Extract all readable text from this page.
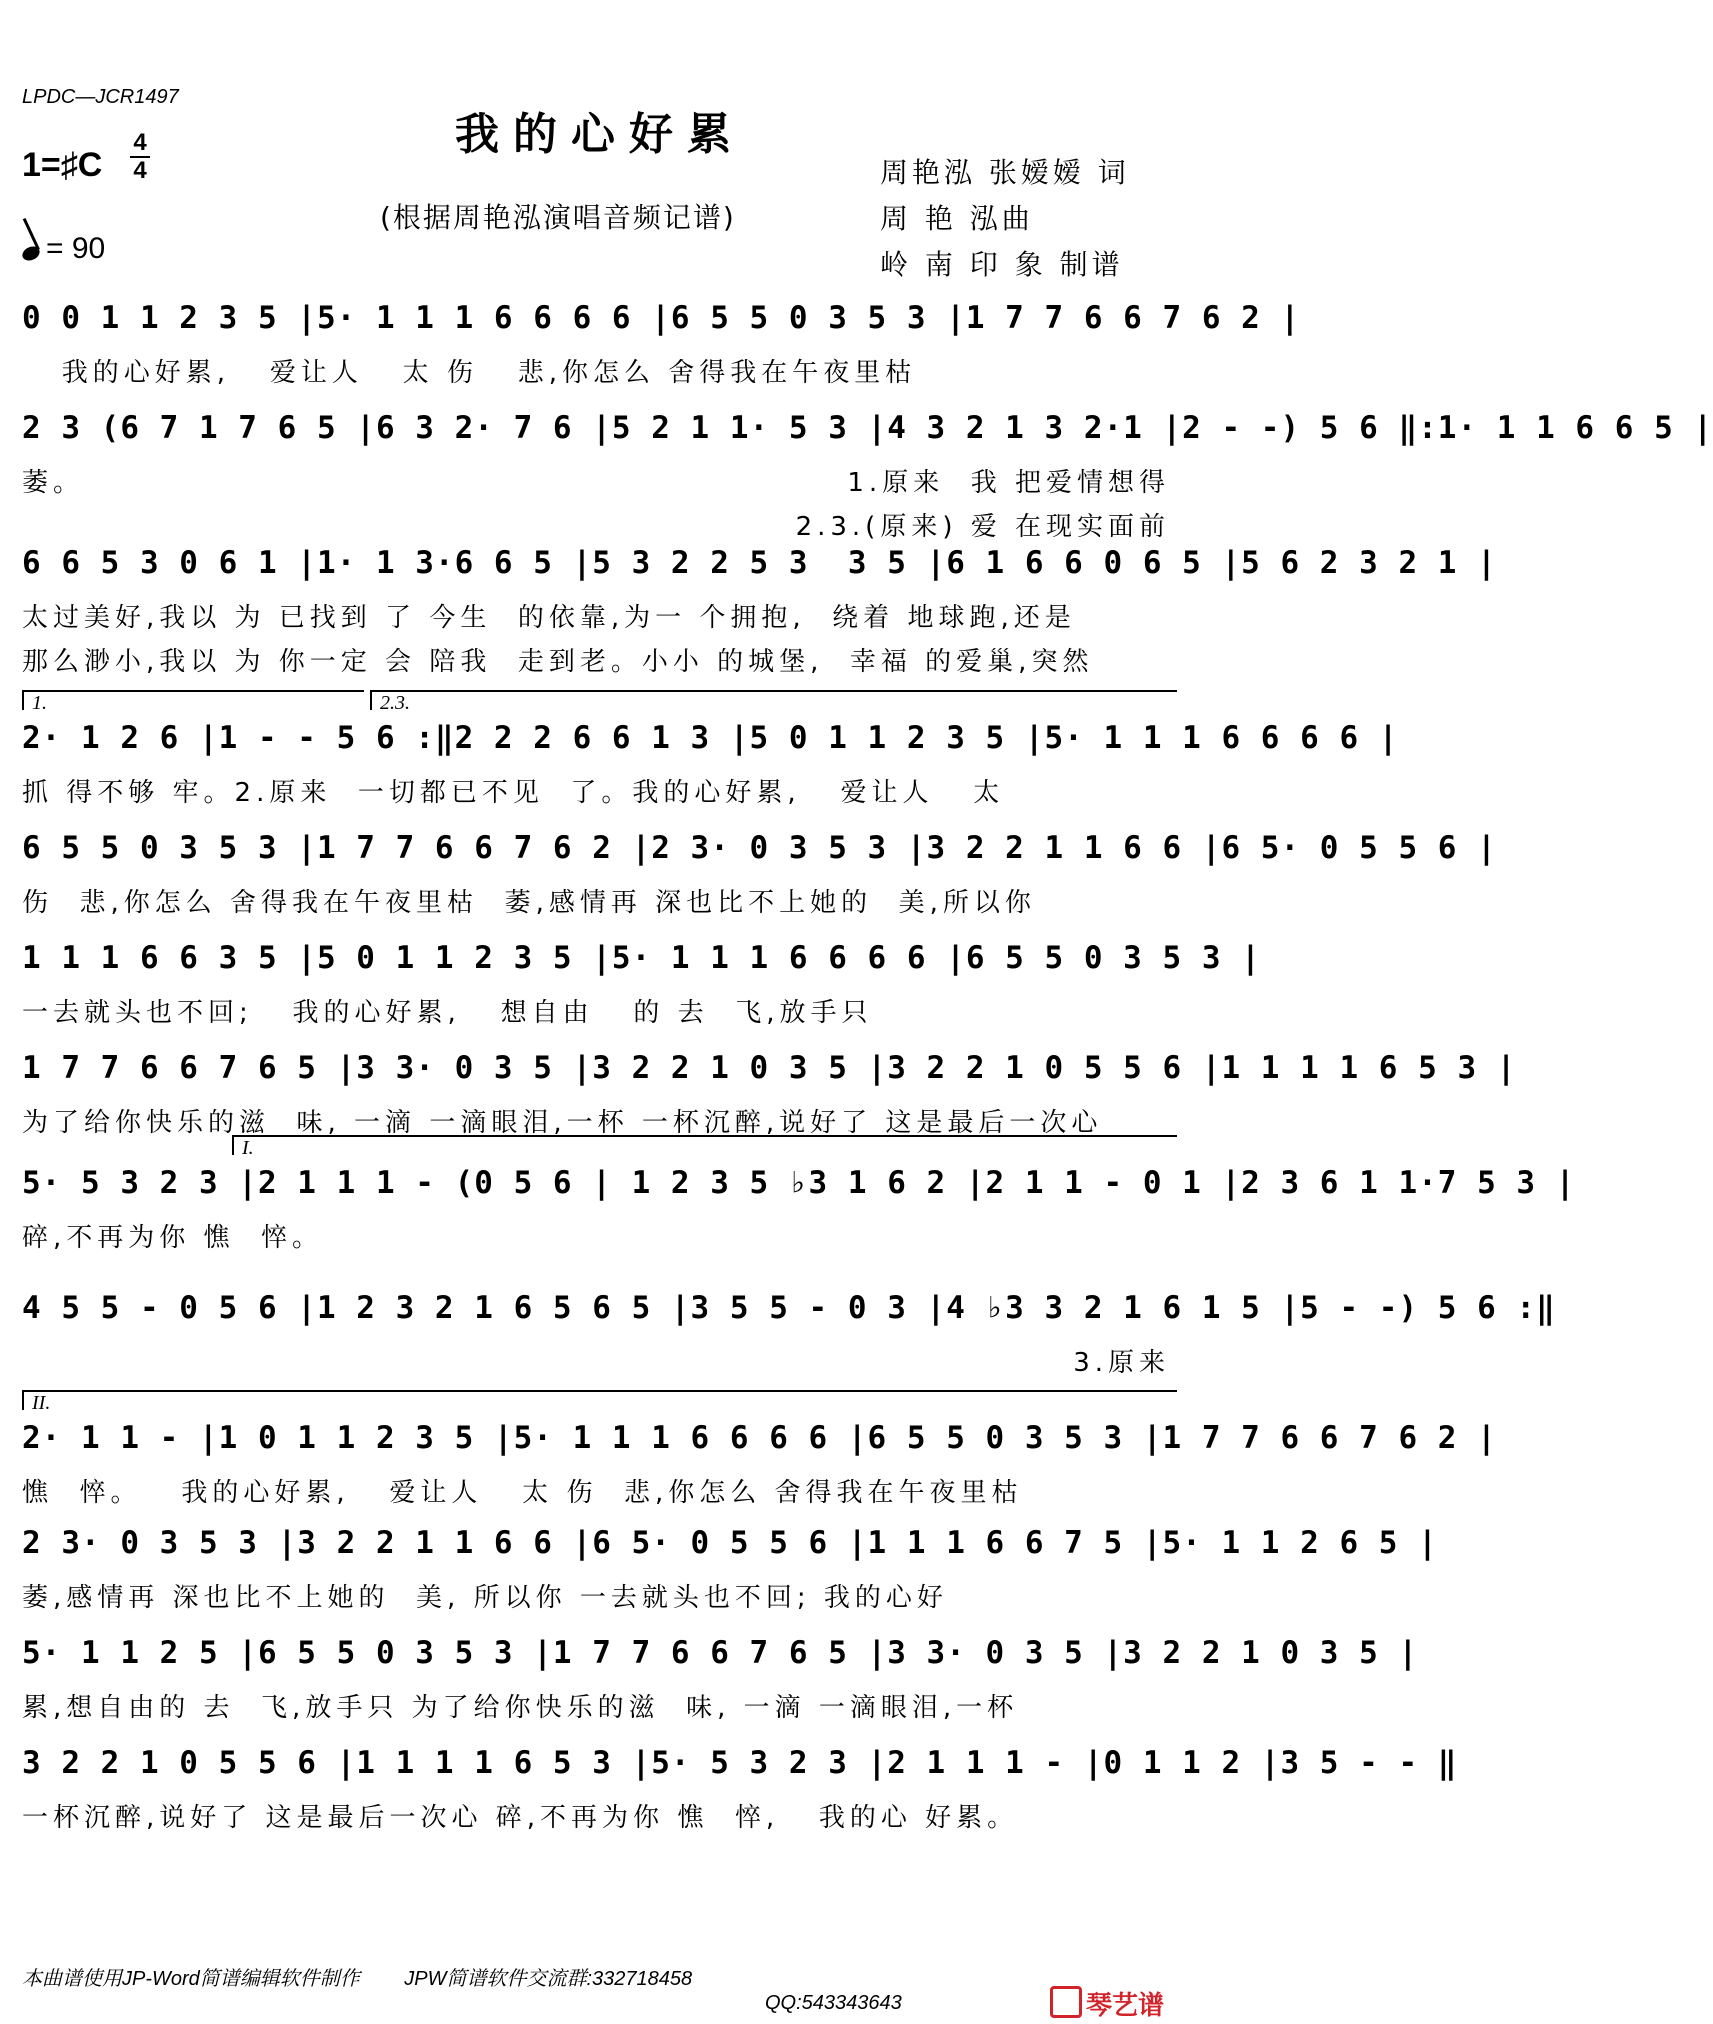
LPDC—JCR1497
我的心好累
(根据周艳泓演唱音频记谱)
1=♯C
4
4
= 90
周艳泓 张嫒嫒 词
周 艳 泓曲
岭 南 印 象 制谱
0 0 1 1 2 3 5 |5· 1 1 1 6 6 6 6 |6 5 5 0 3 5 3 |1 7 7 6 6 7 6 2 |
我的心好累,   爱让人   太 伤   悲,你怎么 舍得我在午夜里枯
2 3 (6 7 1 7 6 5 |6 3 2· 7 6 |5 2 1 1· 5 3 |4 3 2 1 3 2·1 |2 - -) 5 6 ‖:1· 1 1 6 6 5 |
萎。	1.原来  我 把爱情想得
2.3.(原来) 爱 在现实面前
6 6 5 3 0 6 1 |1· 1 3·6 6 5 |5 3 2 2 5 3  3 5 |6 1 6 6 0 6 5 |5 6 2 3 2 1 |
太过美好,我以 为 已找到 了 今生  的依靠,为一 个拥抱,  绕着 地球跑,还是
那么渺小,我以 为 你一定 会 陪我  走到老。小小 的城堡,  幸福 的爱巢,突然
1.	2.3.
2· 1 2 6 |1 - - 5 6 :‖2 2 2 6 6 1 3 |5 0 1 1 2 3 5 |5· 1 1 1 6 6 6 6 |
抓 得不够 牢。2.原来  一切都已不见  了。我的心好累,   爱让人   太
6 5 5 0 3 5 3 |1 7 7 6 6 7 6 2 |2 3· 0 3 5 3 |3 2 2 1 1 6 6 |6 5· 0 5 5 6 |
伤  悲,你怎么 舍得我在午夜里枯  萎,感情再 深也比不上她的  美,所以你
1 1 1 6 6 3 5 |5 0 1 1 2 3 5 |5· 1 1 1 6 6 6 6 |6 5 5 0 3 5 3 |
一去就头也不回;   我的心好累,   想自由   的 去  飞,放手只
1 7 7 6 6 7 6 5 |3 3· 0 3 5 |3 2 2 1 0 3 5 |3 2 2 1 0 5 5 6 |1 1 1 1 6 5 3 |
为了给你快乐的滋  味, 一滴 一滴眼泪,一杯 一杯沉醉,说好了 这是最后一次心
I.
5· 5 3 2 3 |2 1 1 1 - (0 5 6 | 1 2 3 5 ♭3 1 6 2 |2 1 1 - 0 1 |2 3 6 1 1·7 5 3 |
碎,不再为你 憔  悴。
4 5 5 - 0 5 6 |1 2 3 2 1 6 5 6 5 |3 5 5 - 0 3 |4 ♭3 3 2 1 6 1 5 |5 - -) 5 6 :‖
3.原来
II.
2· 1 1 - |1 0 1 1 2 3 5 |5· 1 1 1 6 6 6 6 |6 5 5 0 3 5 3 |1 7 7 6 6 7 6 2 |
憔  悴。   我的心好累,   爱让人   太 伤  悲,你怎么 舍得我在午夜里枯
2 3· 0 3 5 3 |3 2 2 1 1 6 6 |6 5· 0 5 5 6 |1 1 1 6 6 7 5 |5· 1 1 2 6 5 |
萎,感情再 深也比不上她的  美, 所以你 一去就头也不回; 我的心好
5· 1 1 2 5 |6 5 5 0 3 5 3 |1 7 7 6 6 7 6 5 |3 3· 0 3 5 |3 2 2 1 0 3 5 |
累,想自由的 去  飞,放手只 为了给你快乐的滋  味, 一滴 一滴眼泪,一杯
3 2 2 1 0 5 5 6 |1 1 1 1 6 5 3 |5· 5 3 2 3 |2 1 1 1 - |0 1 1 2 |3 5 - - ‖
一杯沉醉,说好了 这是最后一次心 碎,不再为你 憔  悴,   我的心 好累。
本曲谱使用JP-Word简谱编辑软件制作 JPW简谱软件交流群:332718458
QQ:543343643	琴艺谱
